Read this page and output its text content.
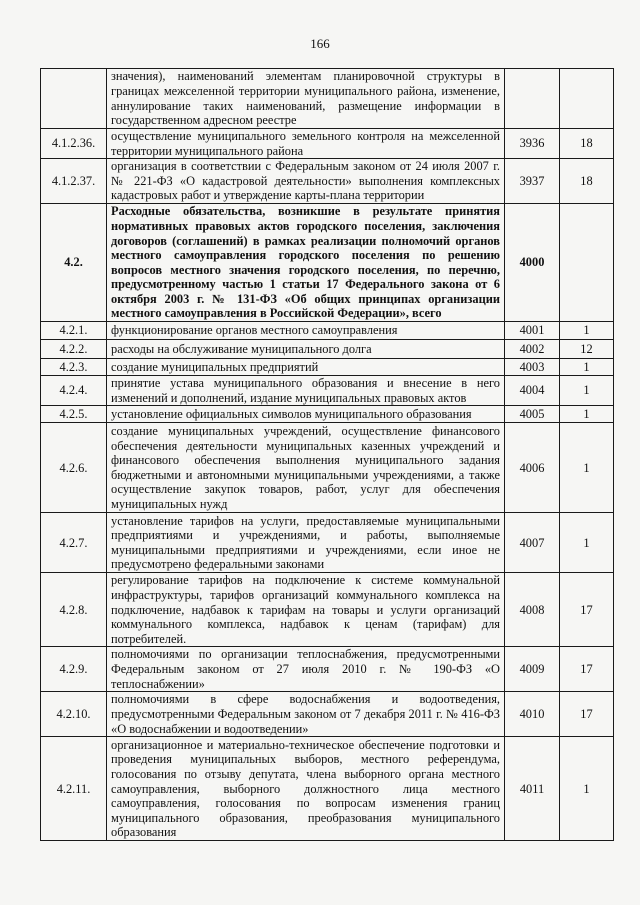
166
	значения), наименований элементам планировочной структуры в границах межселенной территории муниципального района, изменение, аннулирование таких наименований, размещение информации в государственном адресном реестре		
4.1.2.36.	осуществление муниципального земельного контроля на межселенной территории муниципального района	3936	18
4.1.2.37.	организация в соответствии с Федеральным законом от 24 июля 2007 г. № 221-ФЗ «О кадастровой деятельности» выполнения комплексных кадастровых работ и утверждение карты-плана территории	3937	18
4.2.	Расходные обязательства, возникшие в результате принятия нормативных правовых актов городского поселения, заключения договоров (соглашений) в рамках реализации полномочий органов местного самоуправления городского поселения по решению вопросов местного значения городского поселения, по перечню, предусмотренному частью 1 статьи 17 Федерального закона от 6 октября 2003 г. № 131-ФЗ «Об общих принципах организации местного самоуправления в Российской Федерации», всего	4000	
4.2.1.	функционирование органов местного самоуправления	4001	1
4.2.2.	расходы на обслуживание муниципального долга	4002	12
4.2.3.	создание муниципальных предприятий	4003	1
4.2.4.	принятие устава муниципального образования и внесение в него изменений и дополнений, издание муниципальных правовых актов	4004	1
4.2.5.	установление официальных символов муниципального образования	4005	1
4.2.6.	создание муниципальных учреждений, осуществление финансового обеспечения деятельности муниципальных казенных учреждений и финансового обеспечения выполнения муниципального задания бюджетными и автономными муниципальными учреждениями, а также осуществление закупок товаров, работ, услуг для обеспечения муниципальных нужд	4006	1
4.2.7.	установление тарифов на услуги, предоставляемые муниципальными предприятиями и учреждениями, и работы, выполняемые муниципальными предприятиями и учреждениями, если иное не предусмотрено федеральными законами	4007	1
4.2.8.	регулирование тарифов на подключение к системе коммунальной инфраструктуры, тарифов организаций коммунального комплекса на подключение, надбавок к тарифам на товары и услуги организаций коммунального комплекса, надбавок к ценам (тарифам) для потребителей.	4008	17
4.2.9.	полномочиями по организации теплоснабжения, предусмотренными Федеральным законом от 27 июля 2010 г. № 190-ФЗ «О теплоснабжении»	4009	17
4.2.10.	полномочиями в сфере водоснабжения и водоотведения, предусмотренными Федеральным законом от 7 декабря 2011 г. № 416-ФЗ «О водоснабжении и водоотведении»	4010	17
4.2.11.	организационное и материально-техническое обеспечение подготовки и проведения муниципальных выборов, местного референдума, голосования по отзыву депутата, члена выборного органа местного самоуправления, выборного должностного лица местного самоуправления, голосования по вопросам изменения границ муниципального образования, преобразования муниципального образования	4011	1
